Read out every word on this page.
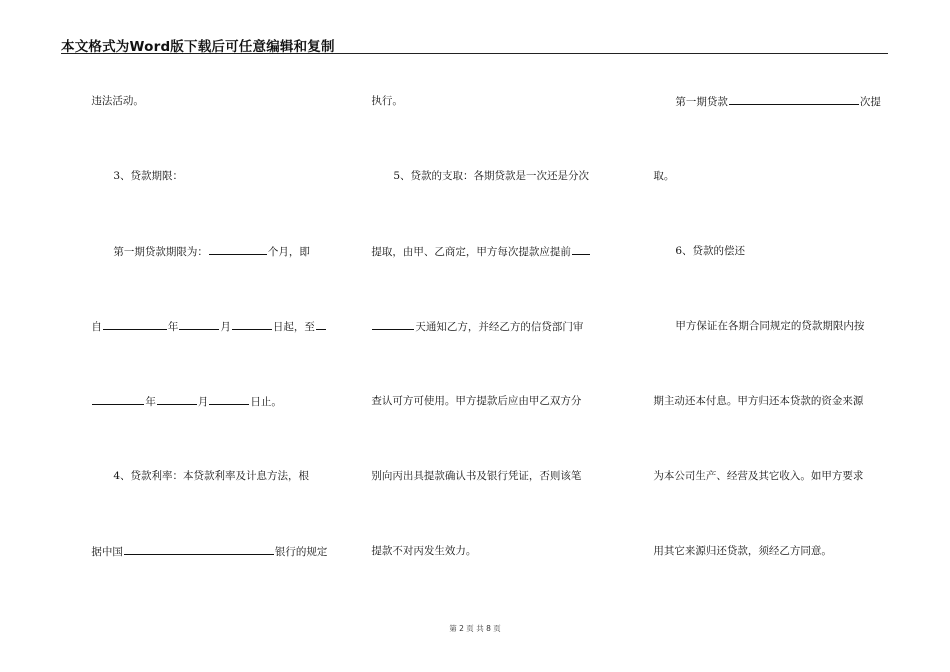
本文格式为Word版下载后可任意编辑和复制

违法活动。

3、贷款期限：

第一期贷款期限为：	个月，即

自	年	月	日起，至

年	月	日止。

4、贷款利率：本贷款利率及计息方法，根

据中国	银行的规定

执行。

5、贷款的支取：各期贷款是一次还是分次

提取，由甲、乙商定，甲方每次提款应提前

天通知乙方，并经乙方的信贷部门审

查认可方可使用。甲方提款后应由甲乙双方分

别向丙出具提款确认书及银行凭证，否则该笔

提款不对丙发生效力。

第一期贷款	次提

取。

6、贷款的偿还

甲方保证在各期合同规定的贷款期限内按

期主动还本付息。甲方归还本贷款的资金来源

为本公司生产、经营及其它收入。如甲方要求

用其它来源归还贷款，须经乙方同意。

第 2 页 共 8 页
